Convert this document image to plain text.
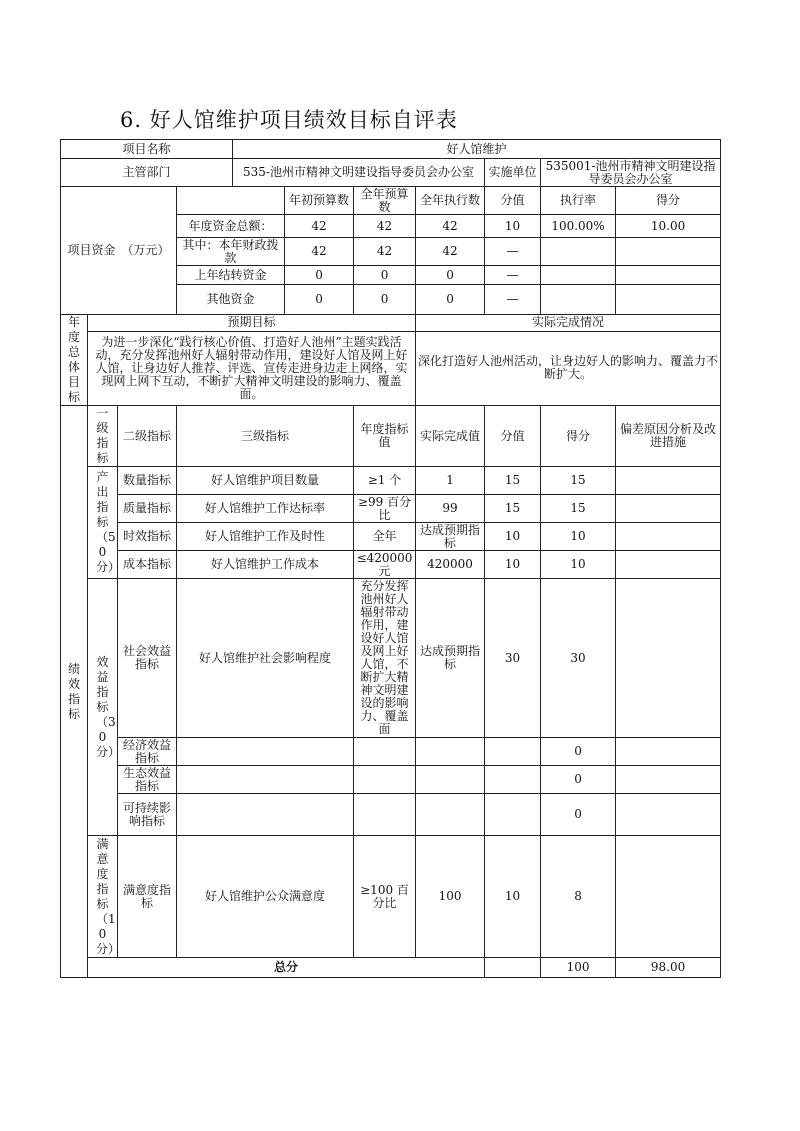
6. 好人馆维护项目绩效目标自评表
项目名称				好人馆维护							
主管部门				535-池州市精神文明建设指导委员会办公室				实施单位	535001-池州市精神文明建设指导委员会办公室		
项目资金　（万元）					年初预算数	全年预算数	全年执行数	分值	执行率	得分	
			年度资金总额：		42	42	42	10	100.00%	10.00	
			其中：本年财政拨款		42	42	42	—			
			上年结转资金		0	0	0	—			
			其他资金		0	0	0	—			
年度总体目标	预期目标						实际完成情况				
	为进一步深化“践行核心价值、打造好人池州”主题实践活动，充分发挥池州好人辐射带动作用，建设好人馆及网上好人馆，让身边好人推荐、评选、宣传走进身边走上网络，实现网上网下互动，不断扩大精神文明建设的影响力、覆盖面。						深化打造好人池州活动，让身边好人的影响力、覆盖力不断扩大。				
绩效指标	一级指标	二级指标	三级指标			年度指标值	实际完成值	分值	得分	偏差原因分析及改进措施	
	产出指标（50分）	数量指标	好人馆维护项目数量			≥1 个	1	15	15		
		质量指标	好人馆维护工作达标率			≥99 百分比	99	15	15		
		时效指标	好人馆维护工作及时性			全年	达成预期指标	10	10		
		成本指标	好人馆维护工作成本			≤420000元	420000	10	10		
	效益指标（30分）	社会效益指标	好人馆维护社会影响程度			充分发挥池州好人辐射带动作用，建设好人馆及网上好人馆，不断扩大精神文明建设的影响力、覆盖面	达成预期指标	30	30		
		经济效益指标							0		
		生态效益指标							0		
		可持续影响指标							0		
	满意度指标（10分）	满意度指标	好人馆维护公众满意度			≥100 百分比	100	10	8		
	总分								100	98.00	
